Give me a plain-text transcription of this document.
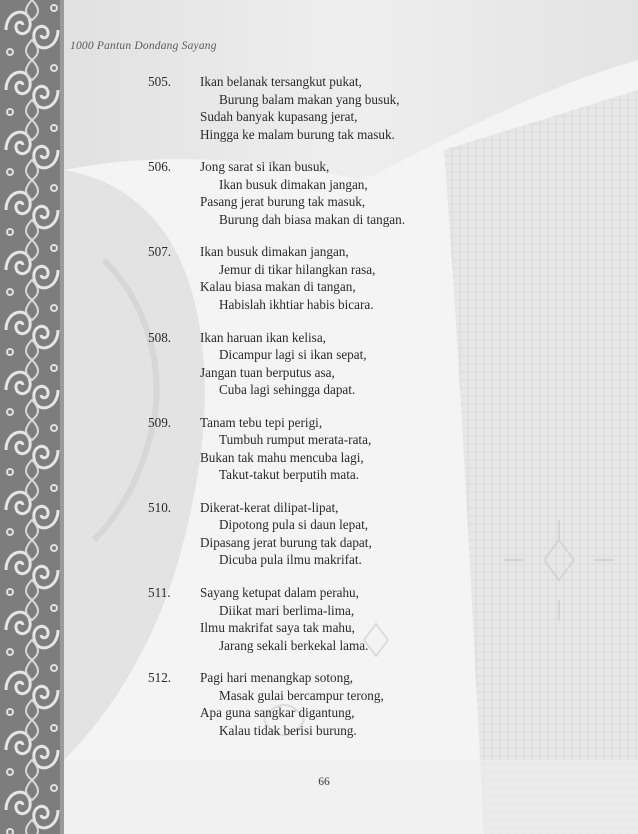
1000 Pantun Dondang Sayang
505. Ikan belanak tersangkut pukat,
Burung balam makan yang busuk,
Sudah banyak kupasang jerat,
Hingga ke malam burung tak masuk.
506. Jong sarat si ikan busuk,
Ikan busuk dimakan jangan,
Pasang jerat burung tak masuk,
Burung dah biasa makan di tangan.
507. Ikan busuk dimakan jangan,
Jemur di tikar hilangkan rasa,
Kalau biasa makan di tangan,
Habislah ikhtiar habis bicara.
508. Ikan haruan ikan kelisa,
Dicampur lagi si ikan sepat,
Jangan tuan berputus asa,
Cuba lagi sehingga dapat.
509. Tanam tebu tepi perigi,
Tumbuh rumput merata-rata,
Bukan tak mahu mencuba lagi,
Takut-takut berputih mata.
510. Dikerat-kerat dilipat-lipat,
Dipotong pula si daun lepat,
Dipasang jerat burung tak dapat,
Dicuba pula ilmu makrifat.
511. Sayang ketupat dalam perahu,
Diikat mari berlima-lima,
Ilmu makrifat saya tak mahu,
Jarang sekali berkekal lama.
512. Pagi hari menangkap sotong,
Masak gulai bercampur terong,
Apa guna sangkar digantung,
Kalau tidak berisi burung.
66
